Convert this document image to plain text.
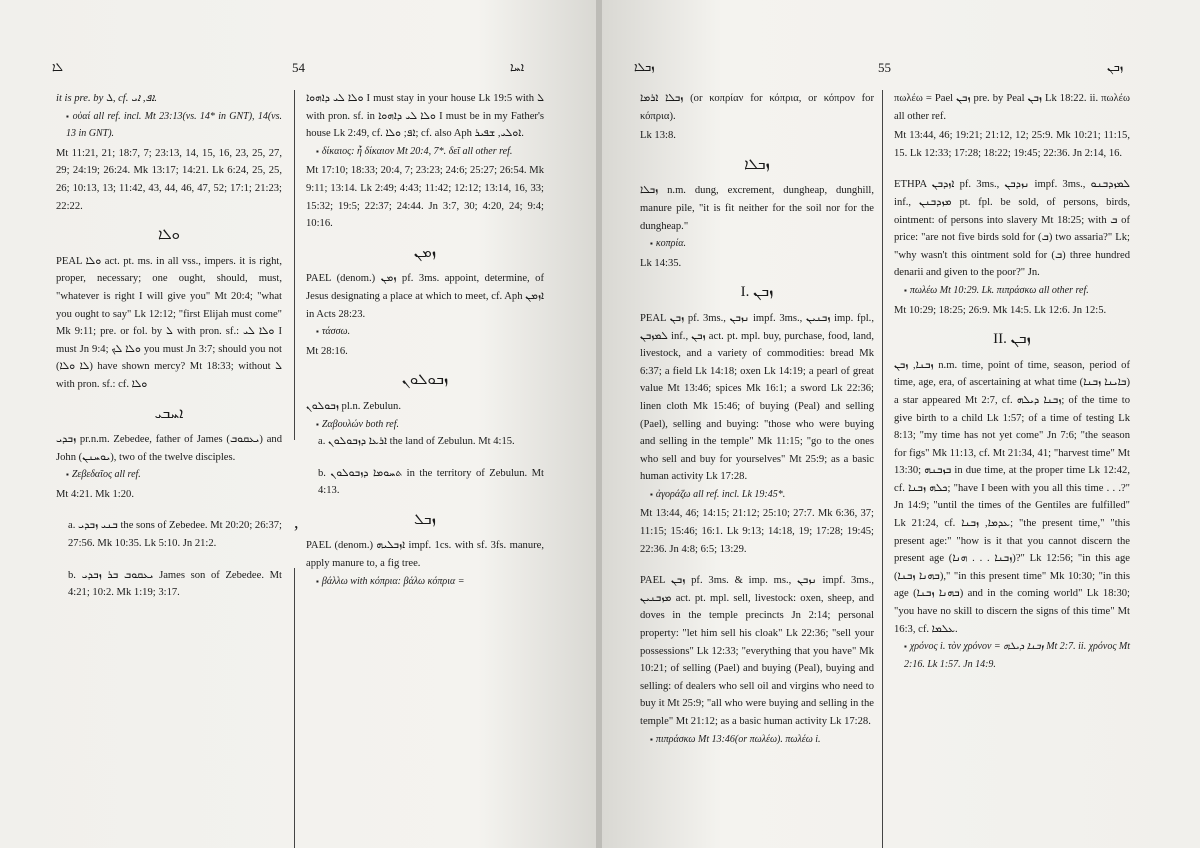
ܠܐ	54	ܐܚܐ
,

it is pre. by ܠ, cf. ܐܦ, ܐܝ.

▪ οὐαί all ref. incl. Mt 23:13(vs. 14* in GNT), 14(vs. 13 in GNT).

Mt 11:21, 21; 18:7, 7; 23:13, 14, 15, 16, 23, 25, 27, 29; 24:19; 26:24. Mk 13:17; 14:21. Lk 6:24, 25, 25, 26; 10:13, 13; 11:42, 43, 44, 46, 47, 52; 17:1; 21:23; 22:22.

ܘܠܐ

PEAL ܘܠܐ act. pt. ms. in all vss., impers. it is right, proper, necessary; one ought, should, must, "whatever is right I will give you" Mt 20:4; "what you ought to say" Lk 12:12; "first Elijah must come" Mk 9:11; pre. or fol. by ܠ with pron. sf.: ܘܠܐ ܠܝ I must Jn 9:4; ܘܠܐ ܠܟ you must Jn 3:7; should you not (ܠܐ ܘܠܐ) have shown mercy? Mt 18:33; without ܠ with pron. sf.: cf. ܘܠܐ

ܐܚܒܝ

ܙܒܕܝ pr.n.m. Zebedee, father of James (ܝܥܩܘܒ) and John (ܝܘܚܢܢ), two of the twelve disciples.

▪ Ζεβεδαῖος all ref.

Mt 4:21. Mk 1:20.

a. ܒܢܝ ܙܒܕܝ the sons of Zebedee. Mt 20:20; 26:37; 27:56. Mk 10:35. Lk 5:10. Jn 21:2.

b. ܝܥܩܘܒ ܒܪ ܙܒܕܝ James son of Zebedee. Mt 4:21; 10:2. Mk 1:19; 3:17.

ܘܠܐ ܠܝ ܕܐܗܘܐ I must stay in your house Lk 19:5 with ܠ with pron. sf. in ܘܠܐ ܠܝ ܕܐܗܘܐ I must be in my Father's house Lk 2:49, cf. ܐܦ; ܘܠܐ; cf. also Aph ܐܘܠܝ, ܫܦܝܪ.

▪ δίκαιος: ἦ δίκαιον Mt 20:4, 7*. δεῖ all other ref.

Mt 17:10; 18:33; 20:4, 7; 23:23; 24:6; 25:27; 26:54. Mk 9:11; 13:14. Lk 2:49; 4:43; 11:42; 12:12; 13:14, 16, 33; 15:32; 19:5; 22:37; 24:44. Jn 3:7, 30; 4:20, 24; 9:4; 10:16.

ܙܡܢ

PAEL (denom.) ܙܡܢ pf. 3ms. appoint, determine, of Jesus designating a place at which to meet, cf. Aph ܐܙܡܢ in Acts 28:23.

▪ τάσσω.

Mt 28:16.

ܙܒܘܠܘܢ

ܙܒܘܠܘܢ pl.n. Zebulun.

▪ Ζαβουλών both ref.

a. ܐܪܥܐ ܕܙܒܘܠܘܢ the land of Zebulun. Mt 4:15.

b. ܬܚܘܡܐ ܕܙܒܘܠܘܢ in the territory of Zebulun. Mt 4:13.

ܙܒܠ

PAEL (denom.) ܐܙܒܠܝܗ impf. 1cs. with sf. 3fs. manure, apply manure to, a fig tree.

▪ βάλλω with κόπρια: βάλω κόπρια =

ܙܒܠܐ	55	ܙܒܢ

ܙܒܠܐ ܐܪܡܐ (or κοπρίαν for κόπρια, or κόπρον for κόπρια).

Lk 13:8.

ܙܒܠܐ

ܙܒܠܐ n.m. dung, excrement, dungheap, dunghill, manure pile, "it is fit neither for the soil nor for the dungheap."

▪ κοπρία.

Lk 14:35.

I. ܙܒܢ

PEAL ܙܒܢ pf. 3ms., ܢܙܒܢ impf. 3ms., ܙܒܢܝܢ imp. fpl., ܠܡܙܒܢ inf., ܙܒܢ act. pt. mpl. buy, purchase, food, land, livestock, and a variety of commodities: bread Mk 6:37; a field Lk 14:18; oxen Lk 14:19; a pearl of great value Mt 13:46; spices Mk 16:1; a sword Lk 22:36; linen cloth Mk 15:46; of buying (Peal) and selling (Pael), selling and buying: "those who were buying and selling in the temple" Mk 11:15; "go to the ones who sell and buy for yourselves" Mt 25:9; as a basic human activity Lk 17:28.

▪ ἀγοράζω all ref. incl. Lk 19:45*.

Mt 13:44, 46; 14:15; 21:12; 25:10; 27:7. Mk 6:36, 37; 11:15; 15:46; 16:1. Lk 9:13; 14:18, 19; 17:28; 19:45; 22:36. Jn 4:8; 6:5; 13:29.

PAEL ܙܒܢ pf. 3ms. & imp. ms., ܢܙܒܢ impf. 3ms., ܡܙܒܢܝܢ act. pt. mpl. sell, livestock: oxen, sheep, and doves in the temple precincts Jn 2:14; personal property: "let him sell his cloak" Lk 22:36; "sell your possessions" Lk 12:33; "everything that you have" Mk 10:21; of selling (Pael) and buying (Peal), buying and selling: of dealers who sell oil and virgins who need to buy it Mt 25:9; "all who were buying and selling in the temple" Mt 21:12; as a basic human activity Lk 17:28.

▪ πιπράσκω Mt 13:46(or πωλέω). πωλέω i.

πωλέω = Pael ܙܒܢ pre. by Peal ܙܒܢ Lk 18:22. ii. πωλέω all other ref.

Mt 13:44, 46; 19:21; 21:12, 12; 25:9. Mk 10:21; 11:15, 15. Lk 12:33; 17:28; 18:22; 19:45; 22:36. Jn 2:14, 16.

ETHPA ܐܙܕܒܢ pf. 3ms., ܢܙܕܒܢ impf. 3ms., ܠܡܙܕܒܢܘ inf., ܡܙܕܒܢܢ pt. fpl. be sold, of persons, birds, ointment: of persons into slavery Mt 18:25; with ܒ of price: "are not five birds sold for (ܒ) two assaria?" Lk; "why wasn't this ointment sold for (ܒ) three hundred denarii and given to the poor?" Jn.

▪ πωλέω Mt 10:29. Lk. πιπράσκω all other ref.

Mt 10:29; 18:25; 26:9. Mk 14:5. Lk 12:6. Jn 12:5.

II. ܙܒܢ

ܙܒܢܐ, ܙܒܢ n.m. time, point of time, season, period of time, age, era, of ascertaining at what time (ܒܐܝܢܐ ܙܒܢܐ) a star appeared Mt 2:7, cf. ܙܒܢܐ ܕܝܠܗ; of the time to give birth to a child Lk 1:57; of a time of testing Lk 8:13; "my time has not yet come" Jn 7:6; "the season for figs" Mk 11:13, cf. Mt 21:34, 41; "harvest time" Mt 13:30; ܒܙܒܢܗ in due time, at the proper time Lk 12:42, cf. ܟܠܗ ܙܒܢܐ; "have I been with you all this time . . .?" Jn 14:9; "until the times of the Gentiles are fulfilled" Lk 21:24, cf. ܥܕܡܐ, ܙܒܢܐ; "the present time," "this present age:" "how is it that you cannot discern the present age (ܙܒܢܐ . . . ܗܢܐ)?" Lk 12:56; "in this age (ܒܗܢܐ ܙܒܢܐ)," "in this present time" Mk 10:30; "in this age (ܒܗܢܐ ܙܒܢܐ) and in the coming world" Lk 18:30; "you have no skill to discern the signs of this time" Mt 16:3, cf. ܥܠܡܐ.

▪ χρόνος i. τὸν χρόνον = ܙܒܢܐ ܕܝܠܗ Mt 2:7. ii. χρόνος Mt 2:16. Lk 1:57. Jn 14:9.
